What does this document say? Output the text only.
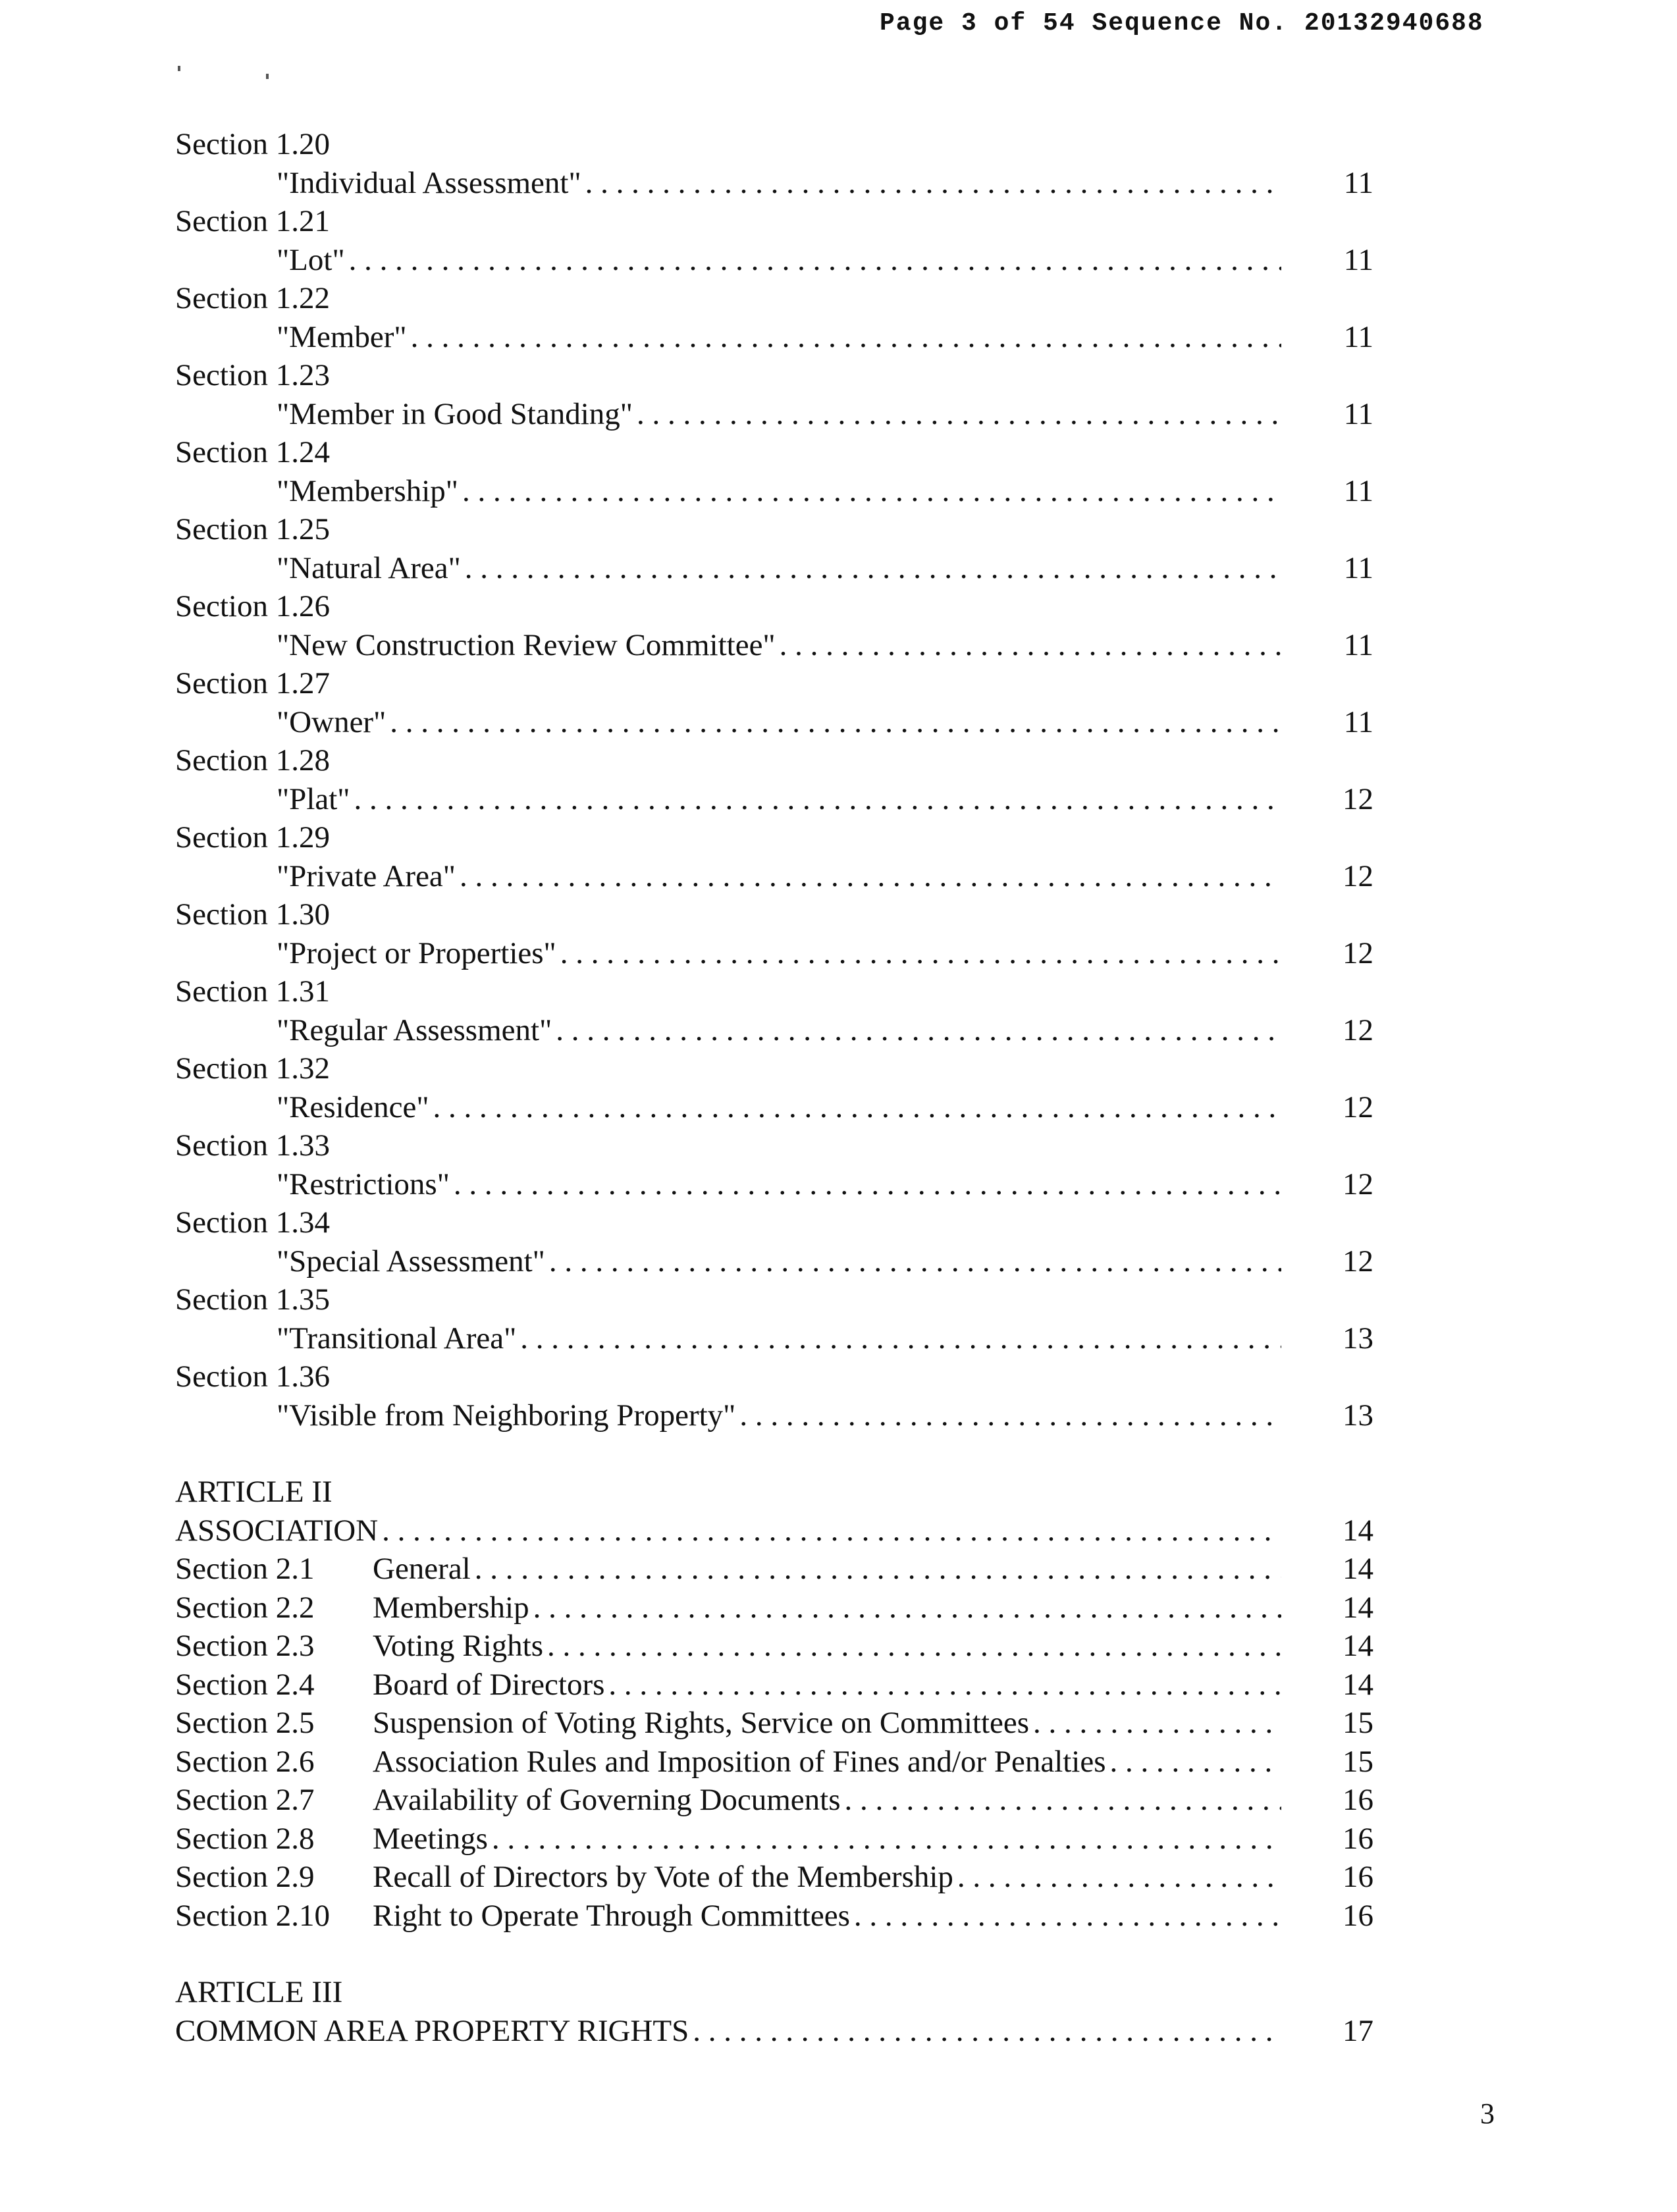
Page 3 of 54 Sequence No. 20132940688
Section 1.20
"Individual Assessment" . . .	11
Section 1.21
"Lot" . . .	11
Section 1.22
"Member" . . .	11
Section 1.23
"Member in Good Standing" . . .	11
Section 1.24
"Membership" . . .	11
Section 1.25
"Natural Area" . . .	11
Section 1.26
"New Construction Review Committee" . . .	11
Section 1.27
"Owner" . . .	11
Section 1.28
"Plat" . . .	12
Section 1.29
"Private Area" . . .	12
Section 1.30
"Project or Properties" . . .	12
Section 1.31
"Regular Assessment" . . .	12
Section 1.32
"Residence" . . .	12
Section 1.33
"Restrictions" . . .	12
Section 1.34
"Special Assessment" . . .	12
Section 1.35
"Transitional Area" . . .	13
Section 1.36
"Visible from Neighboring Property" . . .	13
ARTICLE II
ASSOCIATION . . .	14
Section 2.1	General . . .	14
Section 2.2	Membership . . .	14
Section 2.3	Voting Rights . . .	14
Section 2.4	Board of Directors . . .	14
Section 2.5	Suspension of Voting Rights, Service on Committees . . .	15
Section 2.6	Association Rules and Imposition of Fines and/or Penalties . . .	15
Section 2.7	Availability of Governing Documents . . .	16
Section 2.8	Meetings . . .	16
Section 2.9	Recall of Directors by Vote of the Membership . . .	16
Section 2.10	Right to Operate Through Committees . . .	16
ARTICLE III
COMMON AREA PROPERTY RIGHTS . . .	17
3
